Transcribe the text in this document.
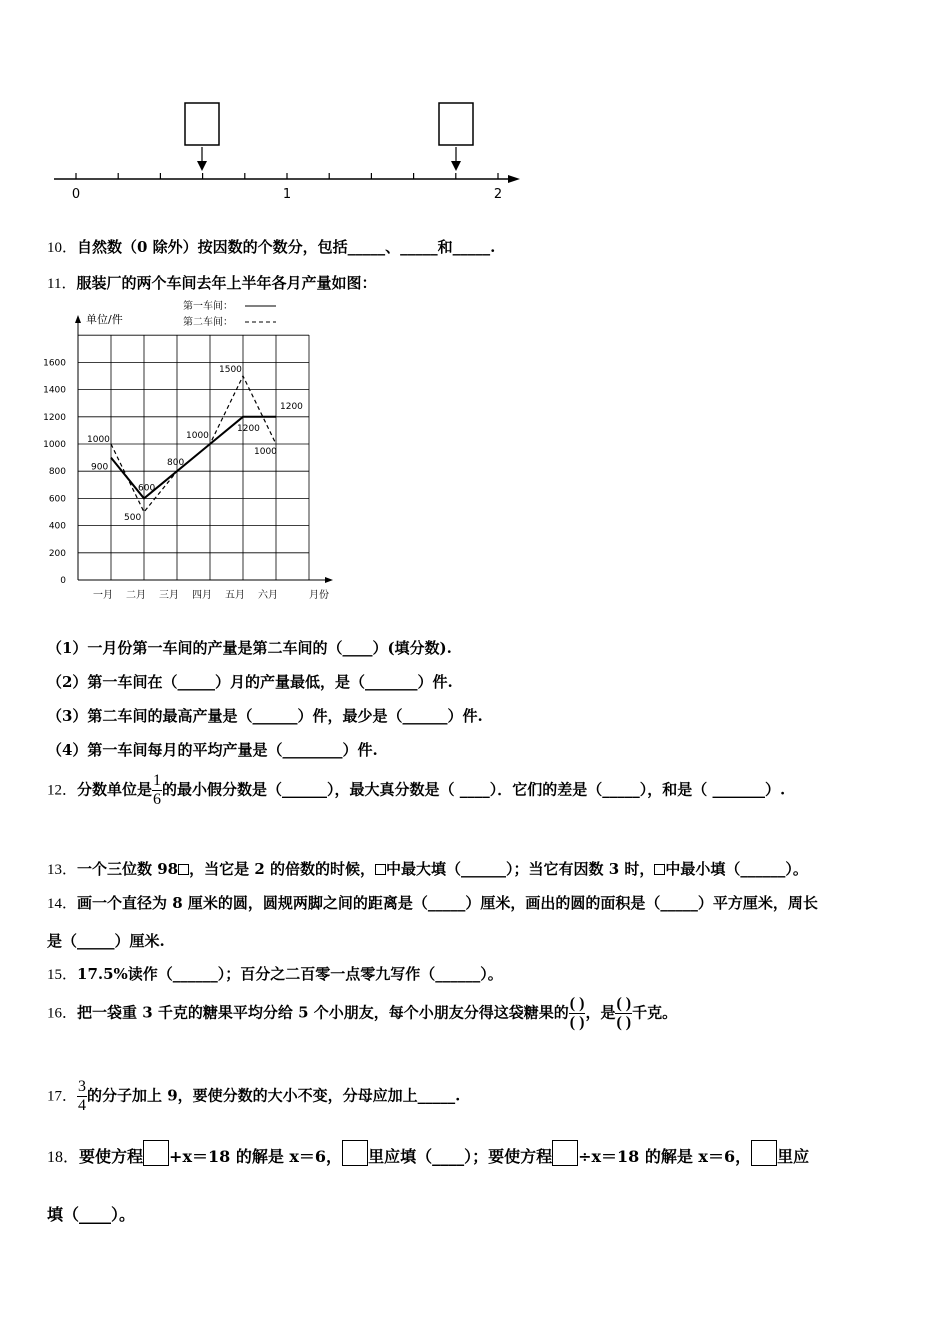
0	1	2
10．自然数（0 除外）按因数的个数分，包括_____、_____和_____.
11．服装厂的两个车间去年上半年各月产量如图：
单位/件
0
200
400
600
800
1000
1200
1400
1600
一月 二月 三月 四月 五月 六月	月份
第一车间：
第二车间：
1000
900
600
500
800
1000
1500
1200
1200
1000
（1）一月份第一车间的产量是第二车间的（____）(填分数).
（2）第一车间在（_____）月的产量最低，是（_______）件.
（3）第二车间的最高产量是（______）件，最少是（______）件.
（4）第一车间每月的平均产量是（________）件.
12．分数单位是 $\frac{1}{6}$ 的最小假分数是（______），最大真分数是（ ____）．它们的差是（_____），和是（ _______）.
13．一个三位数 98 ，当它是 2 的倍数的时候， 中最大填（______）；当它有因数 3 时， 中最小填（______）。
14．画一个直径为 8 厘米的圆，圆规两脚之间的距离是（_____）厘米，画出的圆的面积是（_____）平方厘米，周长
是（_____）厘米.
15．17.5%读作（______）；百分之二百零一点零九写作（______）。
16．把一袋重 3 千克的糖果平均分给 5 个小朋友，每个小朋友分得这袋糖果的 $\frac{( )}{( )}$ ，是 $\frac{( )}{( )}$ 千克。
17． $\frac{3}{4}$ 的分子加上 9，要使分数的大小不变，分母应加上_____.
18．要使方程 +x＝18 的解是 x＝6， 里应填（____）；要使方程 ÷x＝18 的解是 x＝6， 里应
填（____）。
